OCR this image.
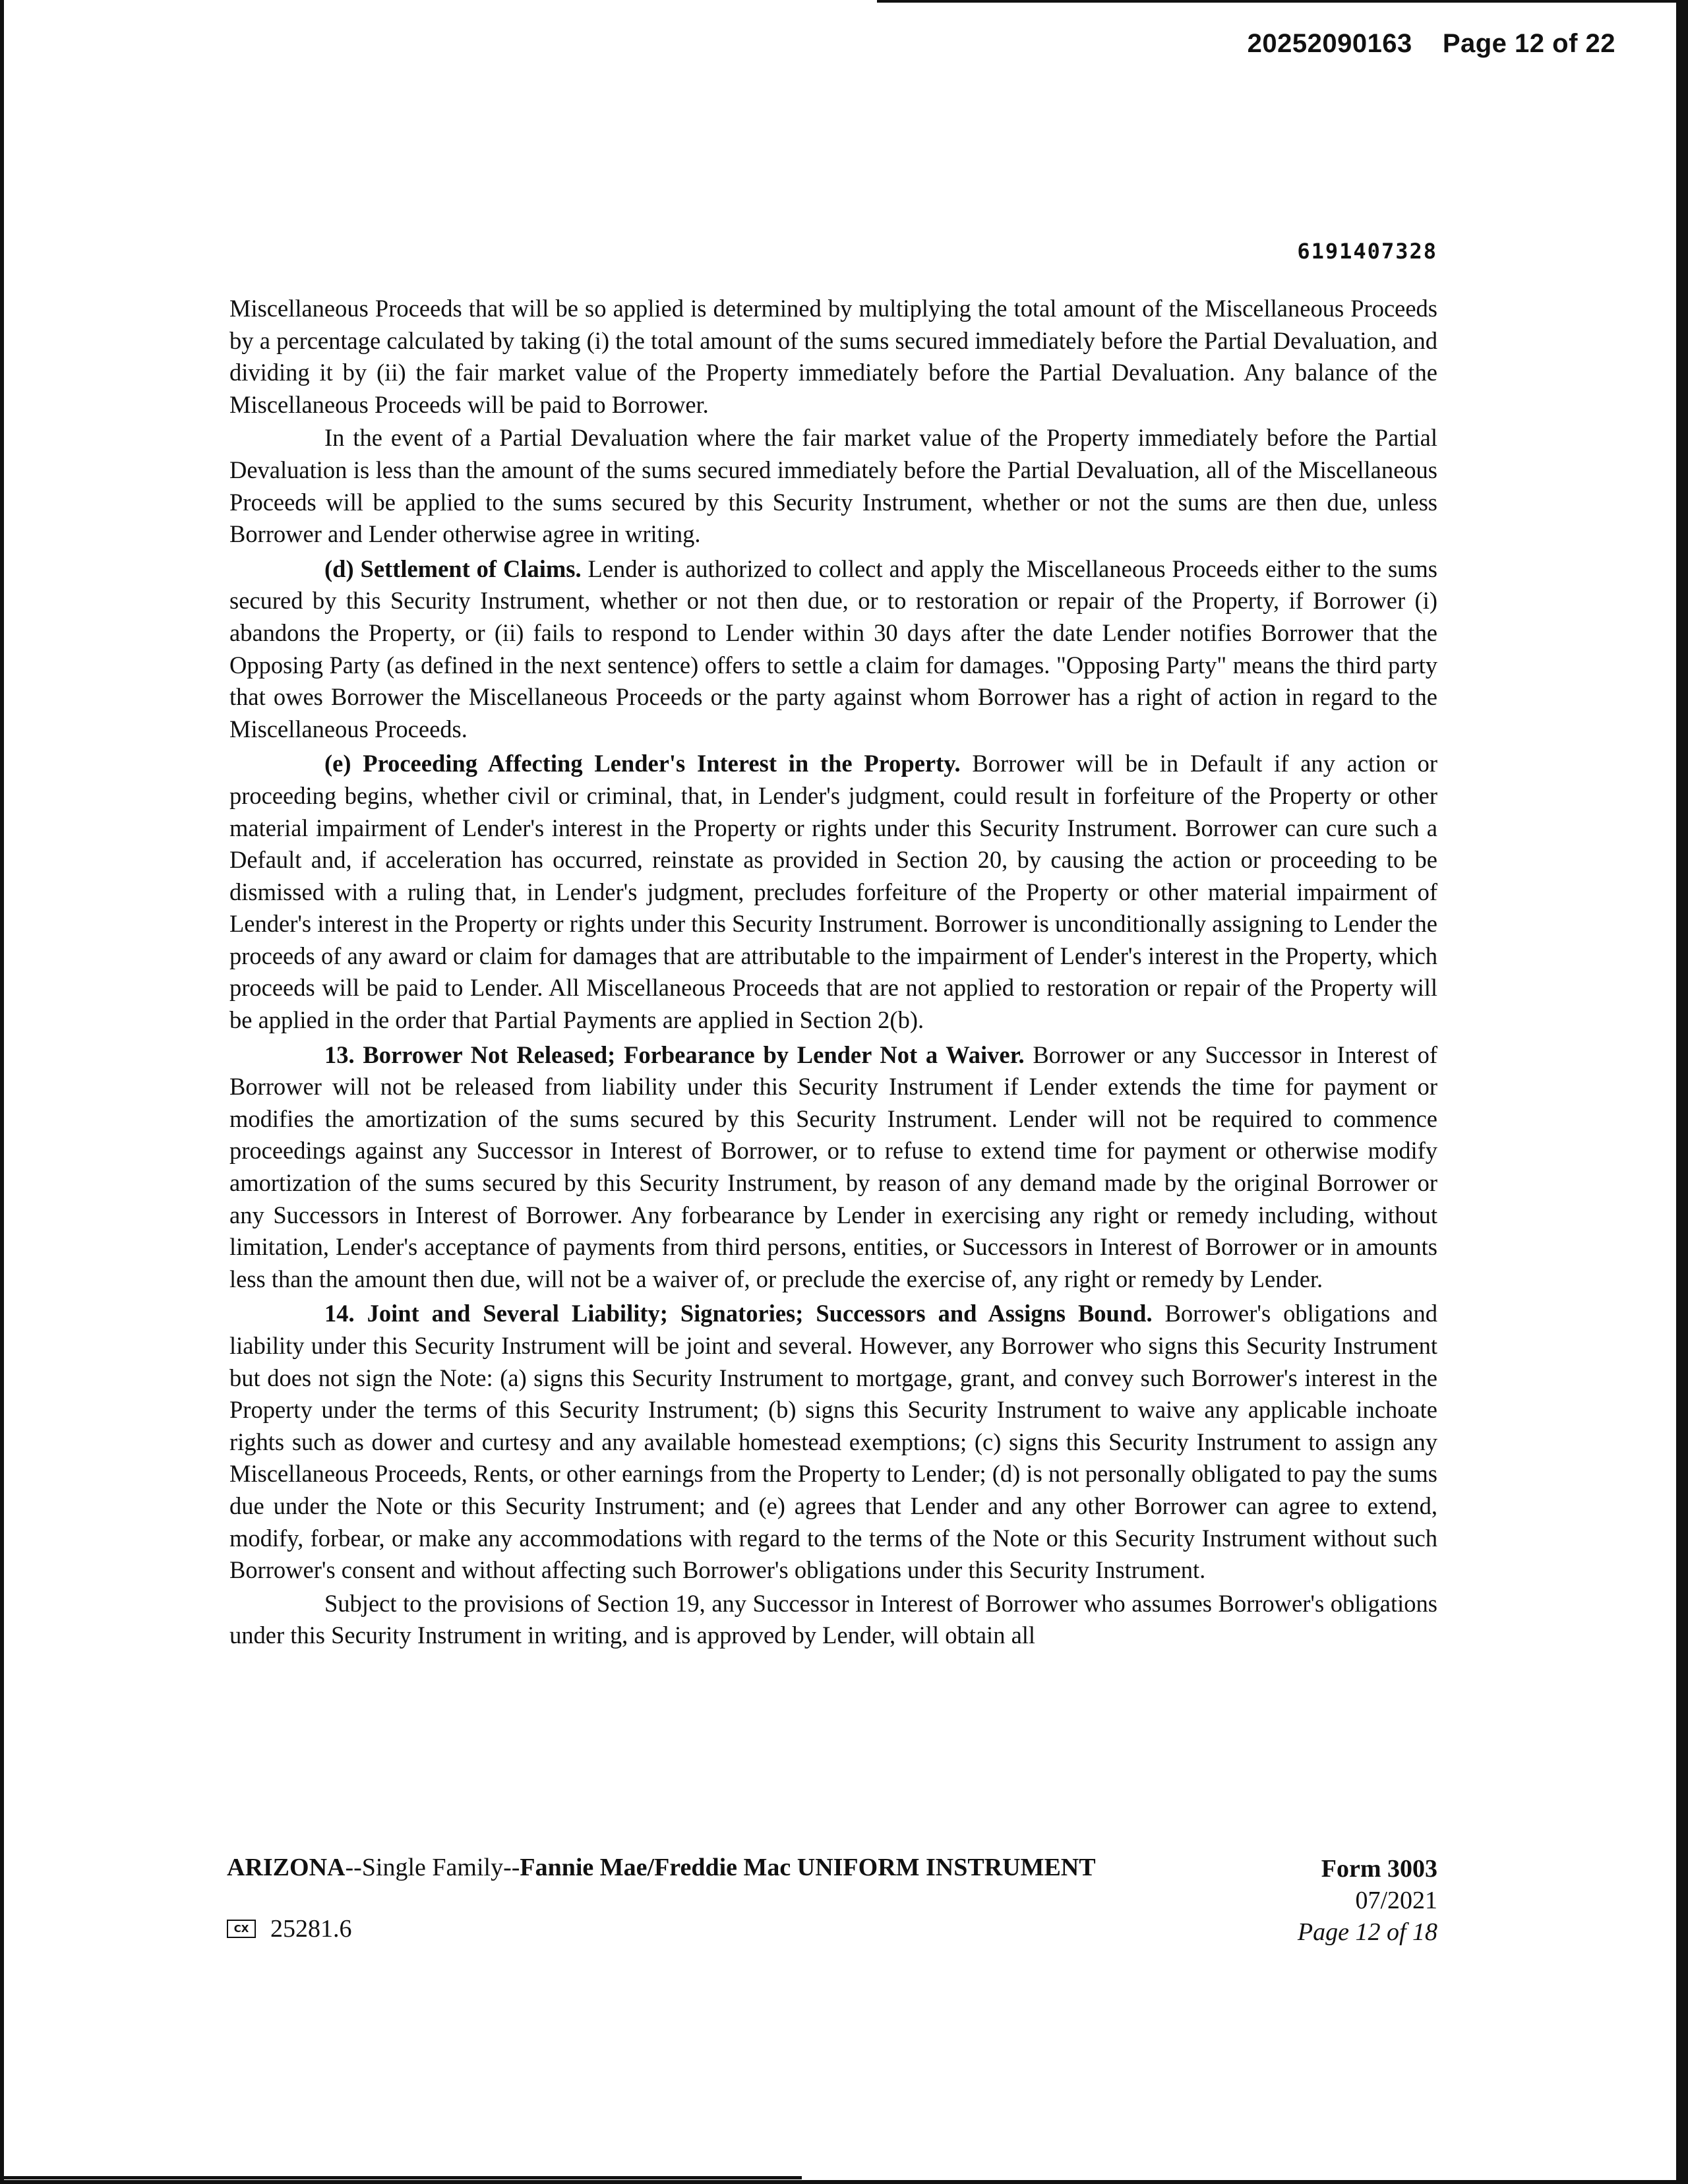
20252090163 Page 12 of 22
6191407328

Miscellaneous Proceeds that will be so applied is determined by multiplying the total amount of the Miscellaneous Proceeds by a percentage calculated by taking (i) the total amount of the sums secured immediately before the Partial Devaluation, and dividing it by (ii) the fair market value of the Property immediately before the Partial Devaluation. Any balance of the Miscellaneous Proceeds will be paid to Borrower.

In the event of a Partial Devaluation where the fair market value of the Property immediately before the Partial Devaluation is less than the amount of the sums secured immediately before the Partial Devaluation, all of the Miscellaneous Proceeds will be applied to the sums secured by this Security Instrument, whether or not the sums are then due, unless Borrower and Lender otherwise agree in writing.

(d) Settlement of Claims. Lender is authorized to collect and apply the Miscellaneous Proceeds either to the sums secured by this Security Instrument, whether or not then due, or to restoration or repair of the Property, if Borrower (i) abandons the Property, or (ii) fails to respond to Lender within 30 days after the date Lender notifies Borrower that the Opposing Party (as defined in the next sentence) offers to settle a claim for damages. "Opposing Party" means the third party that owes Borrower the Miscellaneous Proceeds or the party against whom Borrower has a right of action in regard to the Miscellaneous Proceeds.

(e) Proceeding Affecting Lender's Interest in the Property. Borrower will be in Default if any action or proceeding begins, whether civil or criminal, that, in Lender's judgment, could result in forfeiture of the Property or other material impairment of Lender's interest in the Property or rights under this Security Instrument. Borrower can cure such a Default and, if acceleration has occurred, reinstate as provided in Section 20, by causing the action or proceeding to be dismissed with a ruling that, in Lender's judgment, precludes forfeiture of the Property or other material impairment of Lender's interest in the Property or rights under this Security Instrument. Borrower is unconditionally assigning to Lender the proceeds of any award or claim for damages that are attributable to the impairment of Lender's interest in the Property, which proceeds will be paid to Lender. All Miscellaneous Proceeds that are not applied to restoration or repair of the Property will be applied in the order that Partial Payments are applied in Section 2(b).

13. Borrower Not Released; Forbearance by Lender Not a Waiver. Borrower or any Successor in Interest of Borrower will not be released from liability under this Security Instrument if Lender extends the time for payment or modifies the amortization of the sums secured by this Security Instrument. Lender will not be required to commence proceedings against any Successor in Interest of Borrower, or to refuse to extend time for payment or otherwise modify amortization of the sums secured by this Security Instrument, by reason of any demand made by the original Borrower or any Successors in Interest of Borrower. Any forbearance by Lender in exercising any right or remedy including, without limitation, Lender's acceptance of payments from third persons, entities, or Successors in Interest of Borrower or in amounts less than the amount then due, will not be a waiver of, or preclude the exercise of, any right or remedy by Lender.

14. Joint and Several Liability; Signatories; Successors and Assigns Bound. Borrower's obligations and liability under this Security Instrument will be joint and several. However, any Borrower who signs this Security Instrument but does not sign the Note: (a) signs this Security Instrument to mortgage, grant, and convey such Borrower's interest in the Property under the terms of this Security Instrument; (b) signs this Security Instrument to waive any applicable inchoate rights such as dower and curtesy and any available homestead exemptions; (c) signs this Security Instrument to assign any Miscellaneous Proceeds, Rents, or other earnings from the Property to Lender; (d) is not personally obligated to pay the sums due under the Note or this Security Instrument; and (e) agrees that Lender and any other Borrower can agree to extend, modify, forbear, or make any accommodations with regard to the terms of the Note or this Security Instrument without such Borrower's consent and without affecting such Borrower's obligations under this Security Instrument.

Subject to the provisions of Section 19, any Successor in Interest of Borrower who assumes Borrower's obligations under this Security Instrument in writing, and is approved by Lender, will obtain all

ARIZONA--Single Family--Fannie Mae/Freddie Mac UNIFORM INSTRUMENT
CX 25281.6
Form 3003
07/2021
Page 12 of 18
